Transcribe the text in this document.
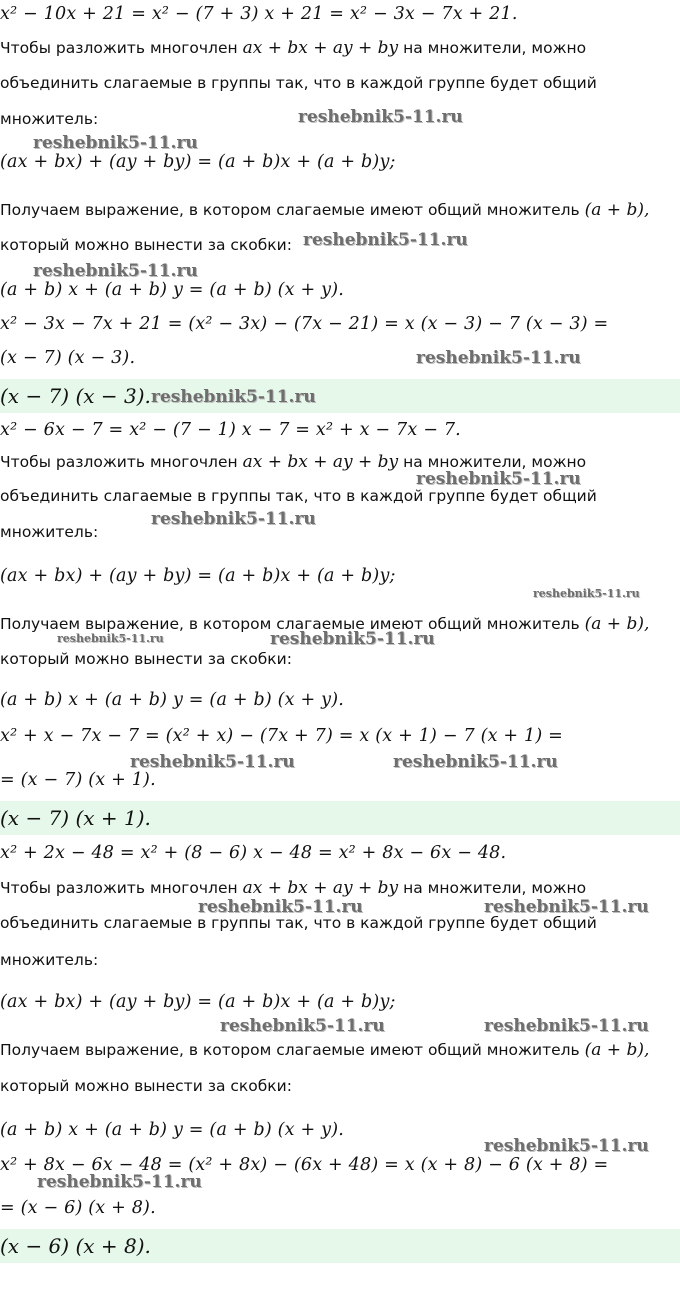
x² − 10x + 21 = x² − (7 + 3) x + 21 = x² − 3x − 7x + 21.
Чтобы разложить многочлен ax + bx + ay + by на множители, можно
объединить слагаемые в группы так, что в каждой группе будет общий
множитель:
(ax + bx) + (ay + by) = (a + b)x + (a + b)y;
Получаем выражение, в котором слагаемые имеют общий множитель (a + b),
который можно вынести за скобки:
(a + b) x + (a + b) y = (a + b) (x + y).
x² − 3x − 7x + 21 = (x² − 3x) − (7x − 21) = x (x − 3) − 7 (x − 3) =
(x − 7) (x − 3).
(x − 7) (x − 3).
x² − 6x − 7 = x² − (7 − 1) x − 7 = x² + x − 7x − 7.
Чтобы разложить многочлен ax + bx + ay + by на множители, можно
объединить слагаемые в группы так, что в каждой группе будет общий
множитель:
(ax + bx) + (ay + by) = (a + b)x + (a + b)y;
Получаем выражение, в котором слагаемые имеют общий множитель (a + b),
который можно вынести за скобки:
(a + b) x + (a + b) y = (a + b) (x + y).
x² + x − 7x − 7 = (x² + x) − (7x + 7) = x (x + 1) − 7 (x + 1) =
= (x − 7) (x + 1).
(x − 7) (x + 1).
x² + 2x − 48 = x² + (8 − 6) x − 48 = x² + 8x − 6x − 48.
Чтобы разложить многочлен ax + bx + ay + by на множители, можно
объединить слагаемые в группы так, что в каждой группе будет общий
множитель:
(ax + bx) + (ay + by) = (a + b)x + (a + b)y;
Получаем выражение, в котором слагаемые имеют общий множитель (a + b),
который можно вынести за скобки:
(a + b) x + (a + b) y = (a + b) (x + y).
x² + 8x − 6x − 48 = (x² + 8x) − (6x + 48) = x (x + 8) − 6 (x + 8) =
= (x − 6) (x + 8).
(x − 6) (x + 8).
reshebnik5-11.ru
reshebnik5-11.ru
reshebnik5-11.ru
reshebnik5-11.ru
reshebnik5-11.ru
reshebnik5-11.ru
reshebnik5-11.ru
reshebnik5-11.ru
reshebnik5-11.ru
reshebnik5-11.ru
reshebnik5-11.ru
reshebnik5-11.ru	reshebnik5-11.ru
reshebnik5-11.ru	reshebnik5-11.ru
reshebnik5-11.ru	reshebnik5-11.ru
reshebnik5-11.ru
reshebnik5-11.ru
